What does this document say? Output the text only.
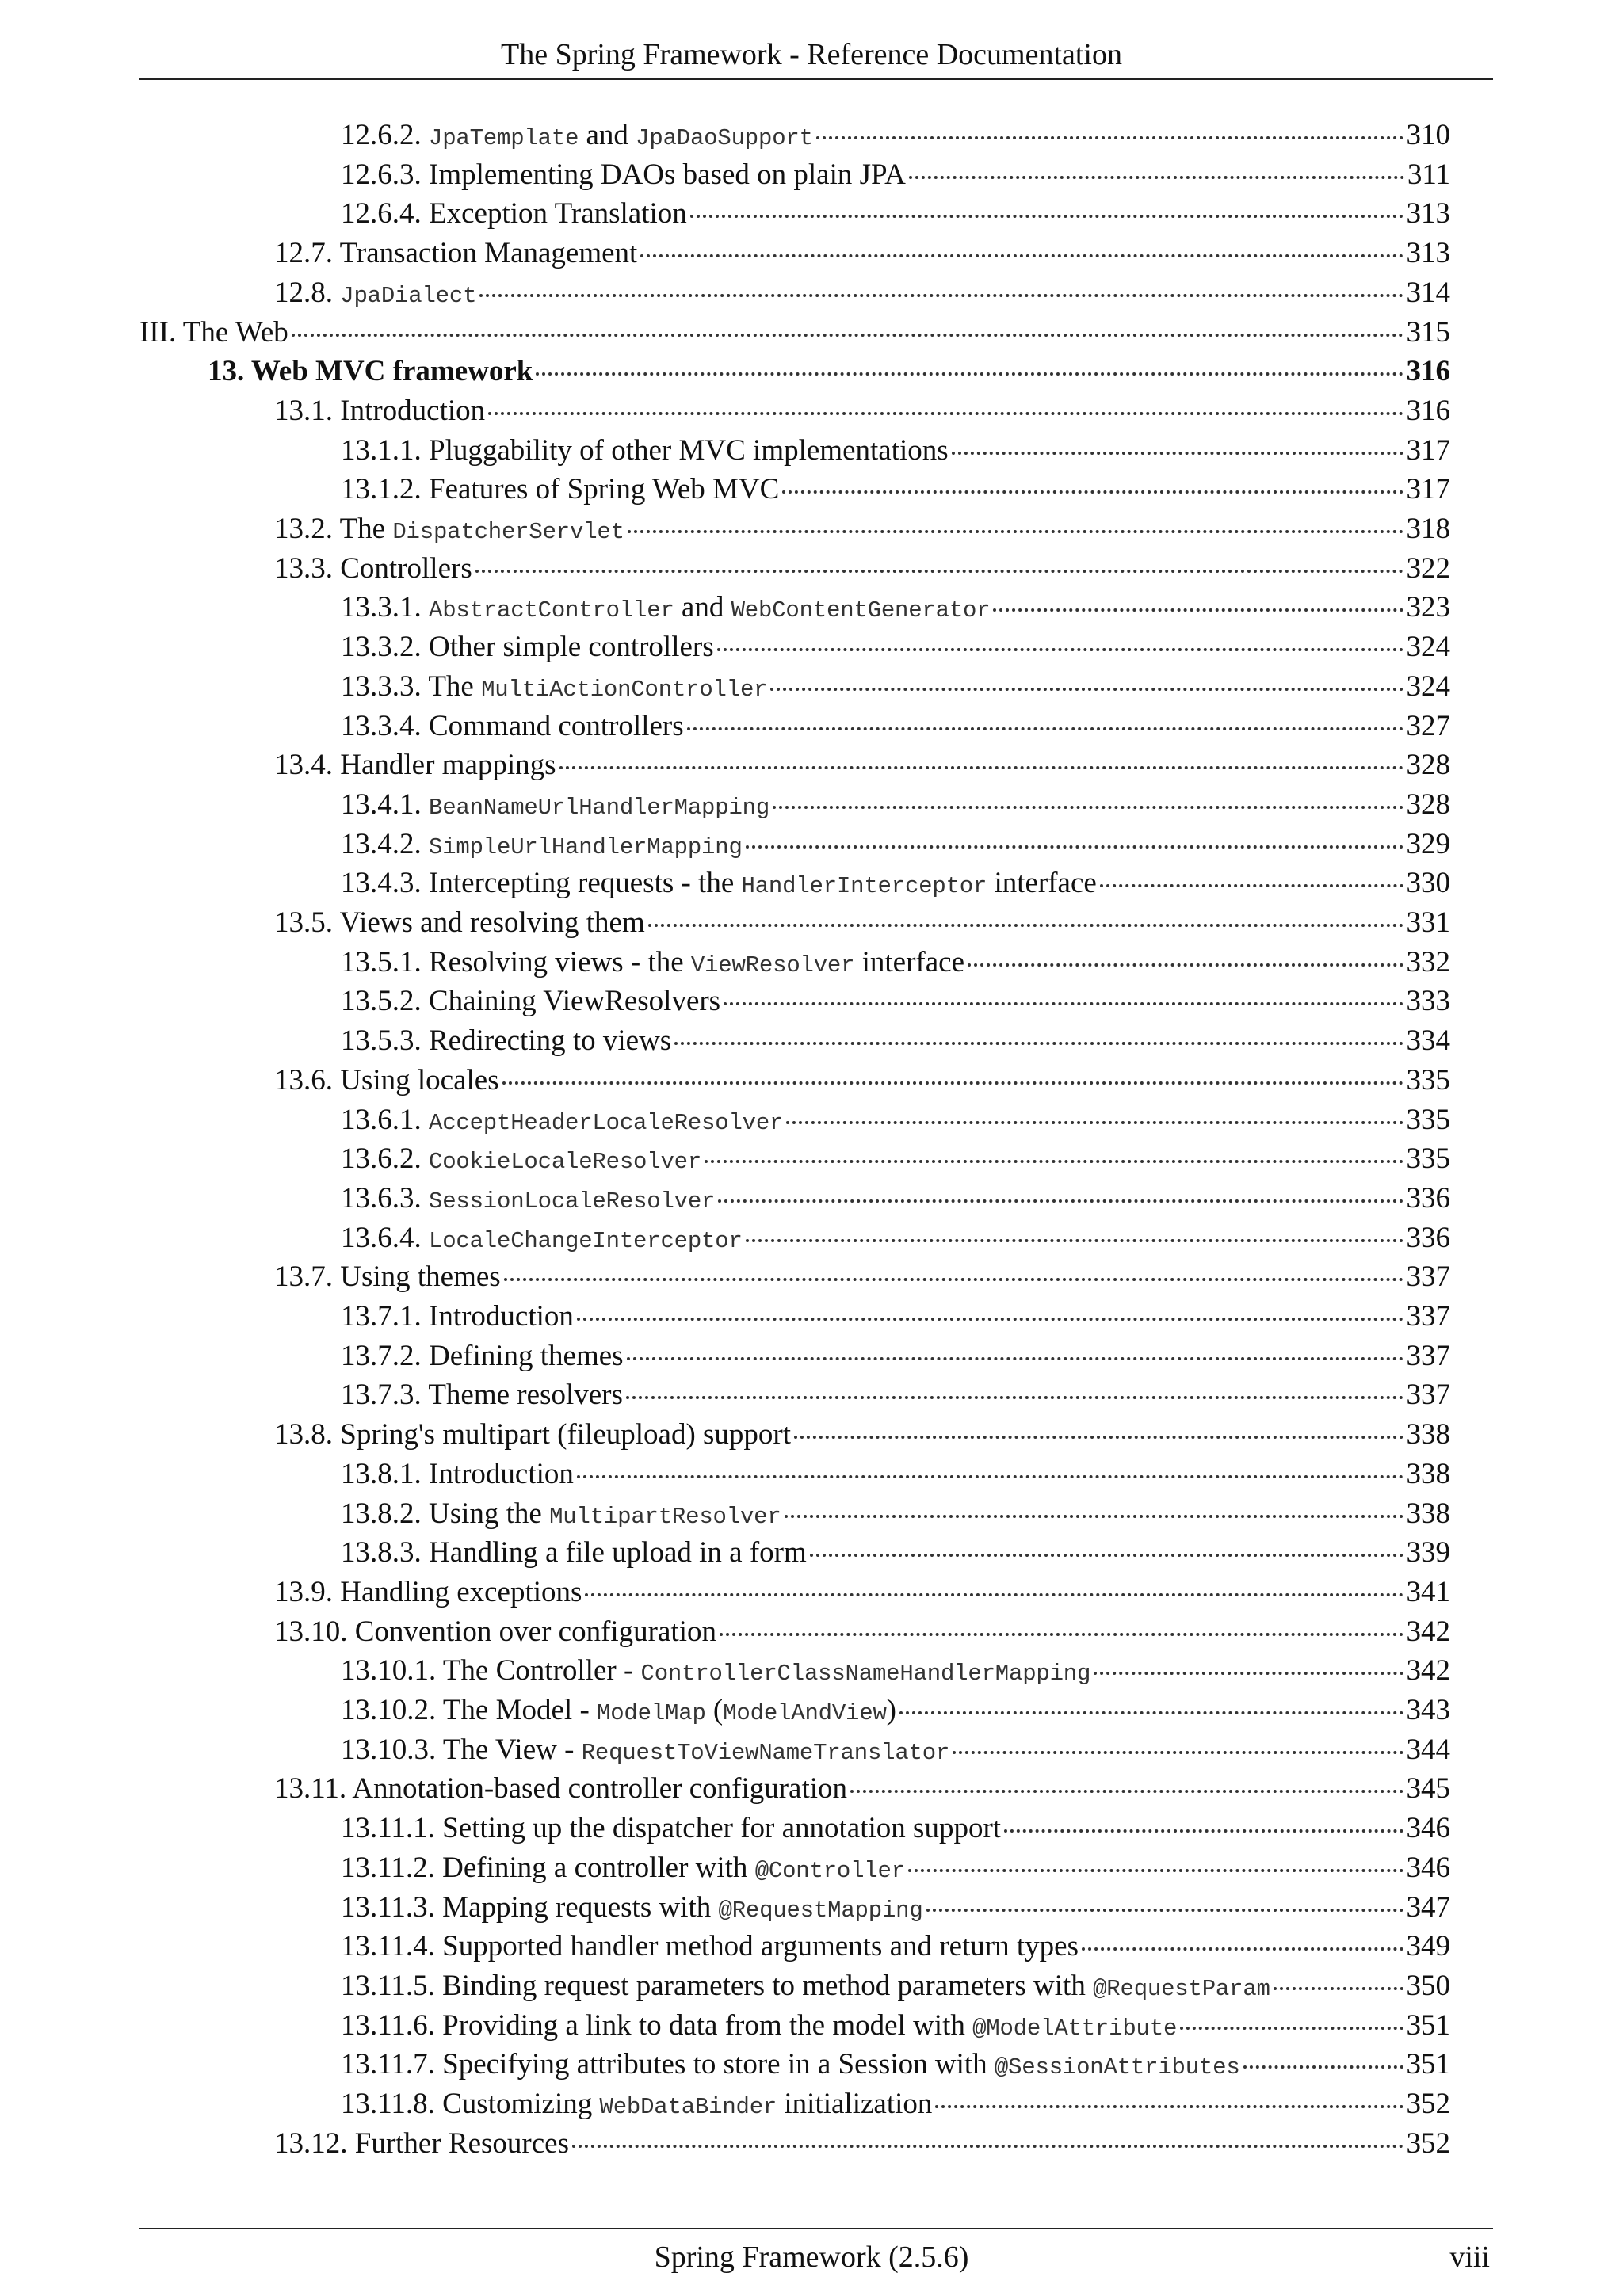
The Spring Framework - Reference Documentation
12.6.2. JpaTemplate and JpaDaoSupport	310
12.6.3. Implementing DAOs based on plain JPA	311
12.6.4. Exception Translation	313
12.7. Transaction Management	313
12.8. JpaDialect	314
III. The Web	315
13. Web MVC framework	316
13.1. Introduction	316
13.1.1. Pluggability of other MVC implementations	317
13.1.2. Features of Spring Web MVC	317
13.2. The DispatcherServlet	318
13.3. Controllers	322
13.3.1. AbstractController and WebContentGenerator	323
13.3.2. Other simple controllers	324
13.3.3. The MultiActionController	324
13.3.4. Command controllers	327
13.4. Handler mappings	328
13.4.1. BeanNameUrlHandlerMapping	328
13.4.2. SimpleUrlHandlerMapping	329
13.4.3. Intercepting requests - the HandlerInterceptor interface	330
13.5. Views and resolving them	331
13.5.1. Resolving views - the ViewResolver interface	332
13.5.2. Chaining ViewResolvers	333
13.5.3. Redirecting to views	334
13.6. Using locales	335
13.6.1. AcceptHeaderLocaleResolver	335
13.6.2. CookieLocaleResolver	335
13.6.3. SessionLocaleResolver	336
13.6.4. LocaleChangeInterceptor	336
13.7. Using themes	337
13.7.1. Introduction	337
13.7.2. Defining themes	337
13.7.3. Theme resolvers	337
13.8. Spring's multipart (fileupload) support	338
13.8.1. Introduction	338
13.8.2. Using the MultipartResolver	338
13.8.3. Handling a file upload in a form	339
13.9. Handling exceptions	341
13.10. Convention over configuration	342
13.10.1. The Controller - ControllerClassNameHandlerMapping	342
13.10.2. The Model - ModelMap ( ModelAndView )	343
13.10.3. The View - RequestToViewNameTranslator	344
13.11. Annotation-based controller configuration	345
13.11.1. Setting up the dispatcher for annotation support	346
13.11.2. Defining a controller with @Controller	346
13.11.3. Mapping requests with @RequestMapping	347
13.11.4. Supported handler method arguments and return types	349
13.11.5. Binding request parameters to method parameters with @RequestParam	350
13.11.6. Providing a link to data from the model with @ModelAttribute	351
13.11.7. Specifying attributes to store in a Session with @SessionAttributes	351
13.11.8. Customizing WebDataBinder initialization	352
13.12. Further Resources	352
Spring Framework (2.5.6)	viii
